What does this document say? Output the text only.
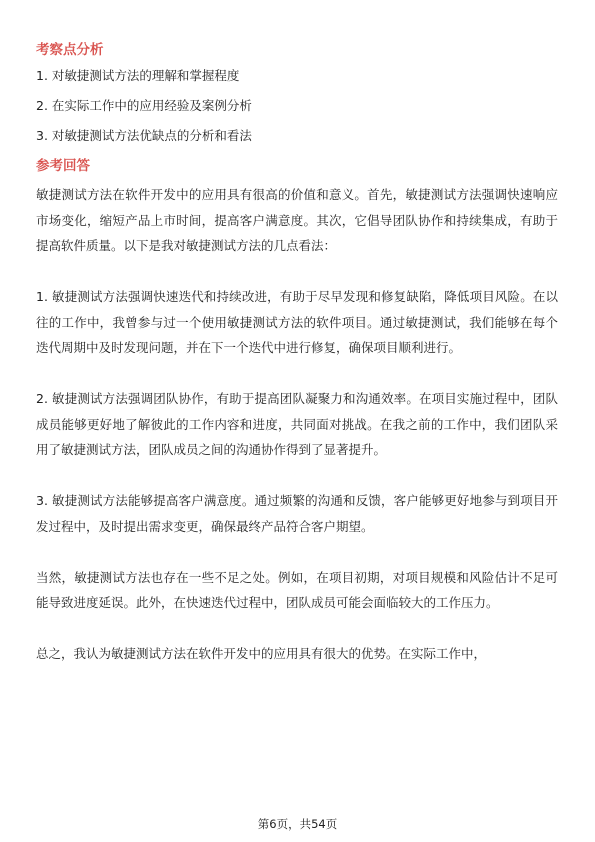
考察点分析
1. 对敏捷测试方法的理解和掌握程度
2. 在实际工作中的应用经验及案例分析
3. 对敏捷测试方法优缺点的分析和看法
参考回答

敏捷测试方法在软件开发中的应用具有很高的价值和意义。首先，敏捷测试方法强调快速响应市场变化，缩短产品上市时间，提高客户满意度。其次，它倡导团队协作和持续集成，有助于提高软件质量。以下是我对敏捷测试方法的几点看法：

1. 敏捷测试方法强调快速迭代和持续改进，有助于尽早发现和修复缺陷，降低项目风险。在以往的工作中，我曾参与过一个使用敏捷测试方法的软件项目。通过敏捷测试，我们能够在每个迭代周期中及时发现问题，并在下一个迭代中进行修复，确保项目顺利进行。

2. 敏捷测试方法强调团队协作，有助于提高团队凝聚力和沟通效率。在项目实施过程中，团队成员能够更好地了解彼此的工作内容和进度，共同面对挑战。在我之前的工作中，我们团队采用了敏捷测试方法，团队成员之间的沟通协作得到了显著提升。

3. 敏捷测试方法能够提高客户满意度。通过频繁的沟通和反馈，客户能够更好地参与到项目开发过程中，及时提出需求变更，确保最终产品符合客户期望。

当然，敏捷测试方法也存在一些不足之处。例如，在项目初期，对项目规模和风险估计不足可能导致进度延误。此外，在快速迭代过程中，团队成员可能会面临较大的工作压力。

总之，我认为敏捷测试方法在软件开发中的应用具有很大的优势。在实际工作中，

第6页，共54页
